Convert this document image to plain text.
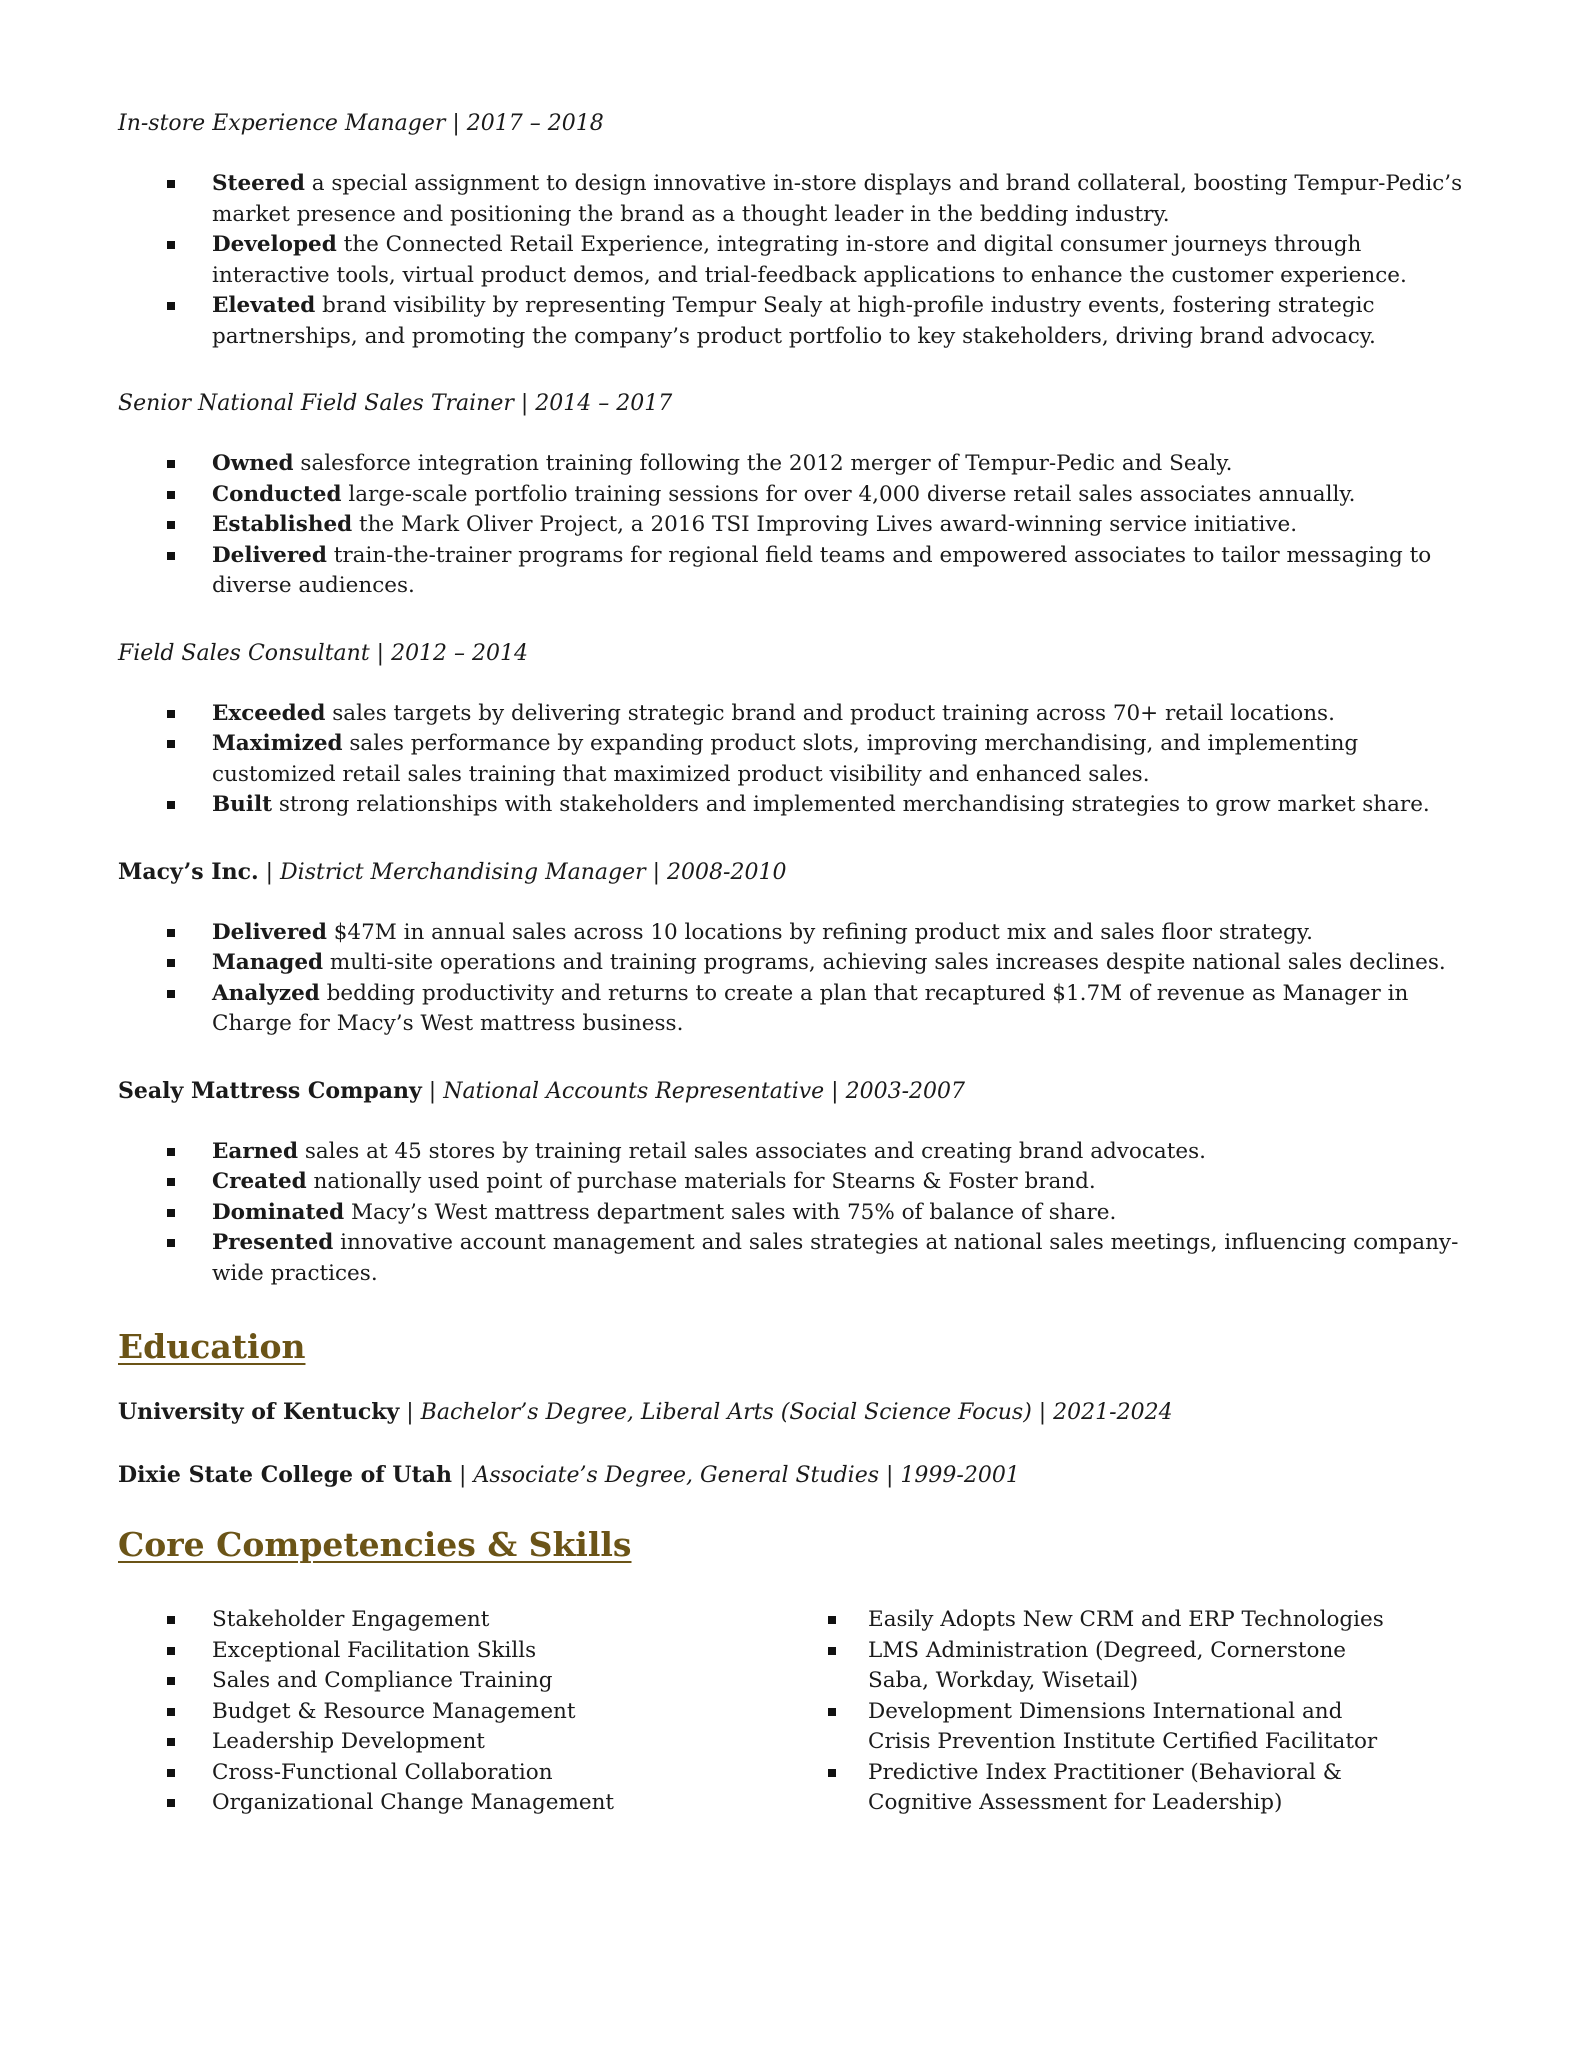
In-store Experience Manager | 2017 – 2018
Steered a special assignment to design innovative in-store displays and brand collateral, boosting Tempur-Pedic’s market presence and positioning the brand as a thought leader in the bedding industry.
Developed the Connected Retail Experience, integrating in-store and digital consumer journeys through interactive tools, virtual product demos, and trial-feedback applications to enhance the customer experience.
Elevated brand visibility by representing Tempur Sealy at high-profile industry events, fostering strategic partnerships, and promoting the company’s product portfolio to key stakeholders, driving brand advocacy.
Senior National Field Sales Trainer | 2014 – 2017
Owned salesforce integration training following the 2012 merger of Tempur-Pedic and Sealy.
Conducted large-scale portfolio training sessions for over 4,000 diverse retail sales associates annually.
Established the Mark Oliver Project, a 2016 TSI Improving Lives award-winning service initiative.
Delivered train-the-trainer programs for regional field teams and empowered associates to tailor messaging to diverse audiences.
Field Sales Consultant | 2012 – 2014
Exceeded sales targets by delivering strategic brand and product training across 70+ retail locations.
Maximized sales performance by expanding product slots, improving merchandising, and implementing customized retail sales training that maximized product visibility and enhanced sales.
Built strong relationships with stakeholders and implemented merchandising strategies to grow market share.
Macy’s Inc. | District Merchandising Manager | 2008-2010
Delivered $47M in annual sales across 10 locations by refining product mix and sales floor strategy.
Managed multi-site operations and training programs, achieving sales increases despite national sales declines.
Analyzed bedding productivity and returns to create a plan that recaptured $1.7M of revenue as Manager in Charge for Macy’s West mattress business.
Sealy Mattress Company | National Accounts Representative | 2003-2007
Earned sales at 45 stores by training retail sales associates and creating brand advocates.
Created nationally used point of purchase materials for Stearns & Foster brand.
Dominated Macy’s West mattress department sales with 75% of balance of share.
Presented innovative account management and sales strategies at national sales meetings, influencing company-wide practices.
Education
University of Kentucky | Bachelor’s Degree, Liberal Arts (Social Science Focus) | 2021-2024
Dixie State College of Utah | Associate’s Degree, General Studies | 1999-2001
Core Competencies & Skills
Stakeholder Engagement
Exceptional Facilitation Skills
Sales and Compliance Training
Budget & Resource Management
Leadership Development
Cross-Functional Collaboration
Organizational Change Management
Easily Adopts New CRM and ERP Technologies
LMS Administration (Degreed, Cornerstone Saba, Workday, Wisetail)
Development Dimensions International and Crisis Prevention Institute Certified Facilitator
Predictive Index Practitioner (Behavioral & Cognitive Assessment for Leadership)
